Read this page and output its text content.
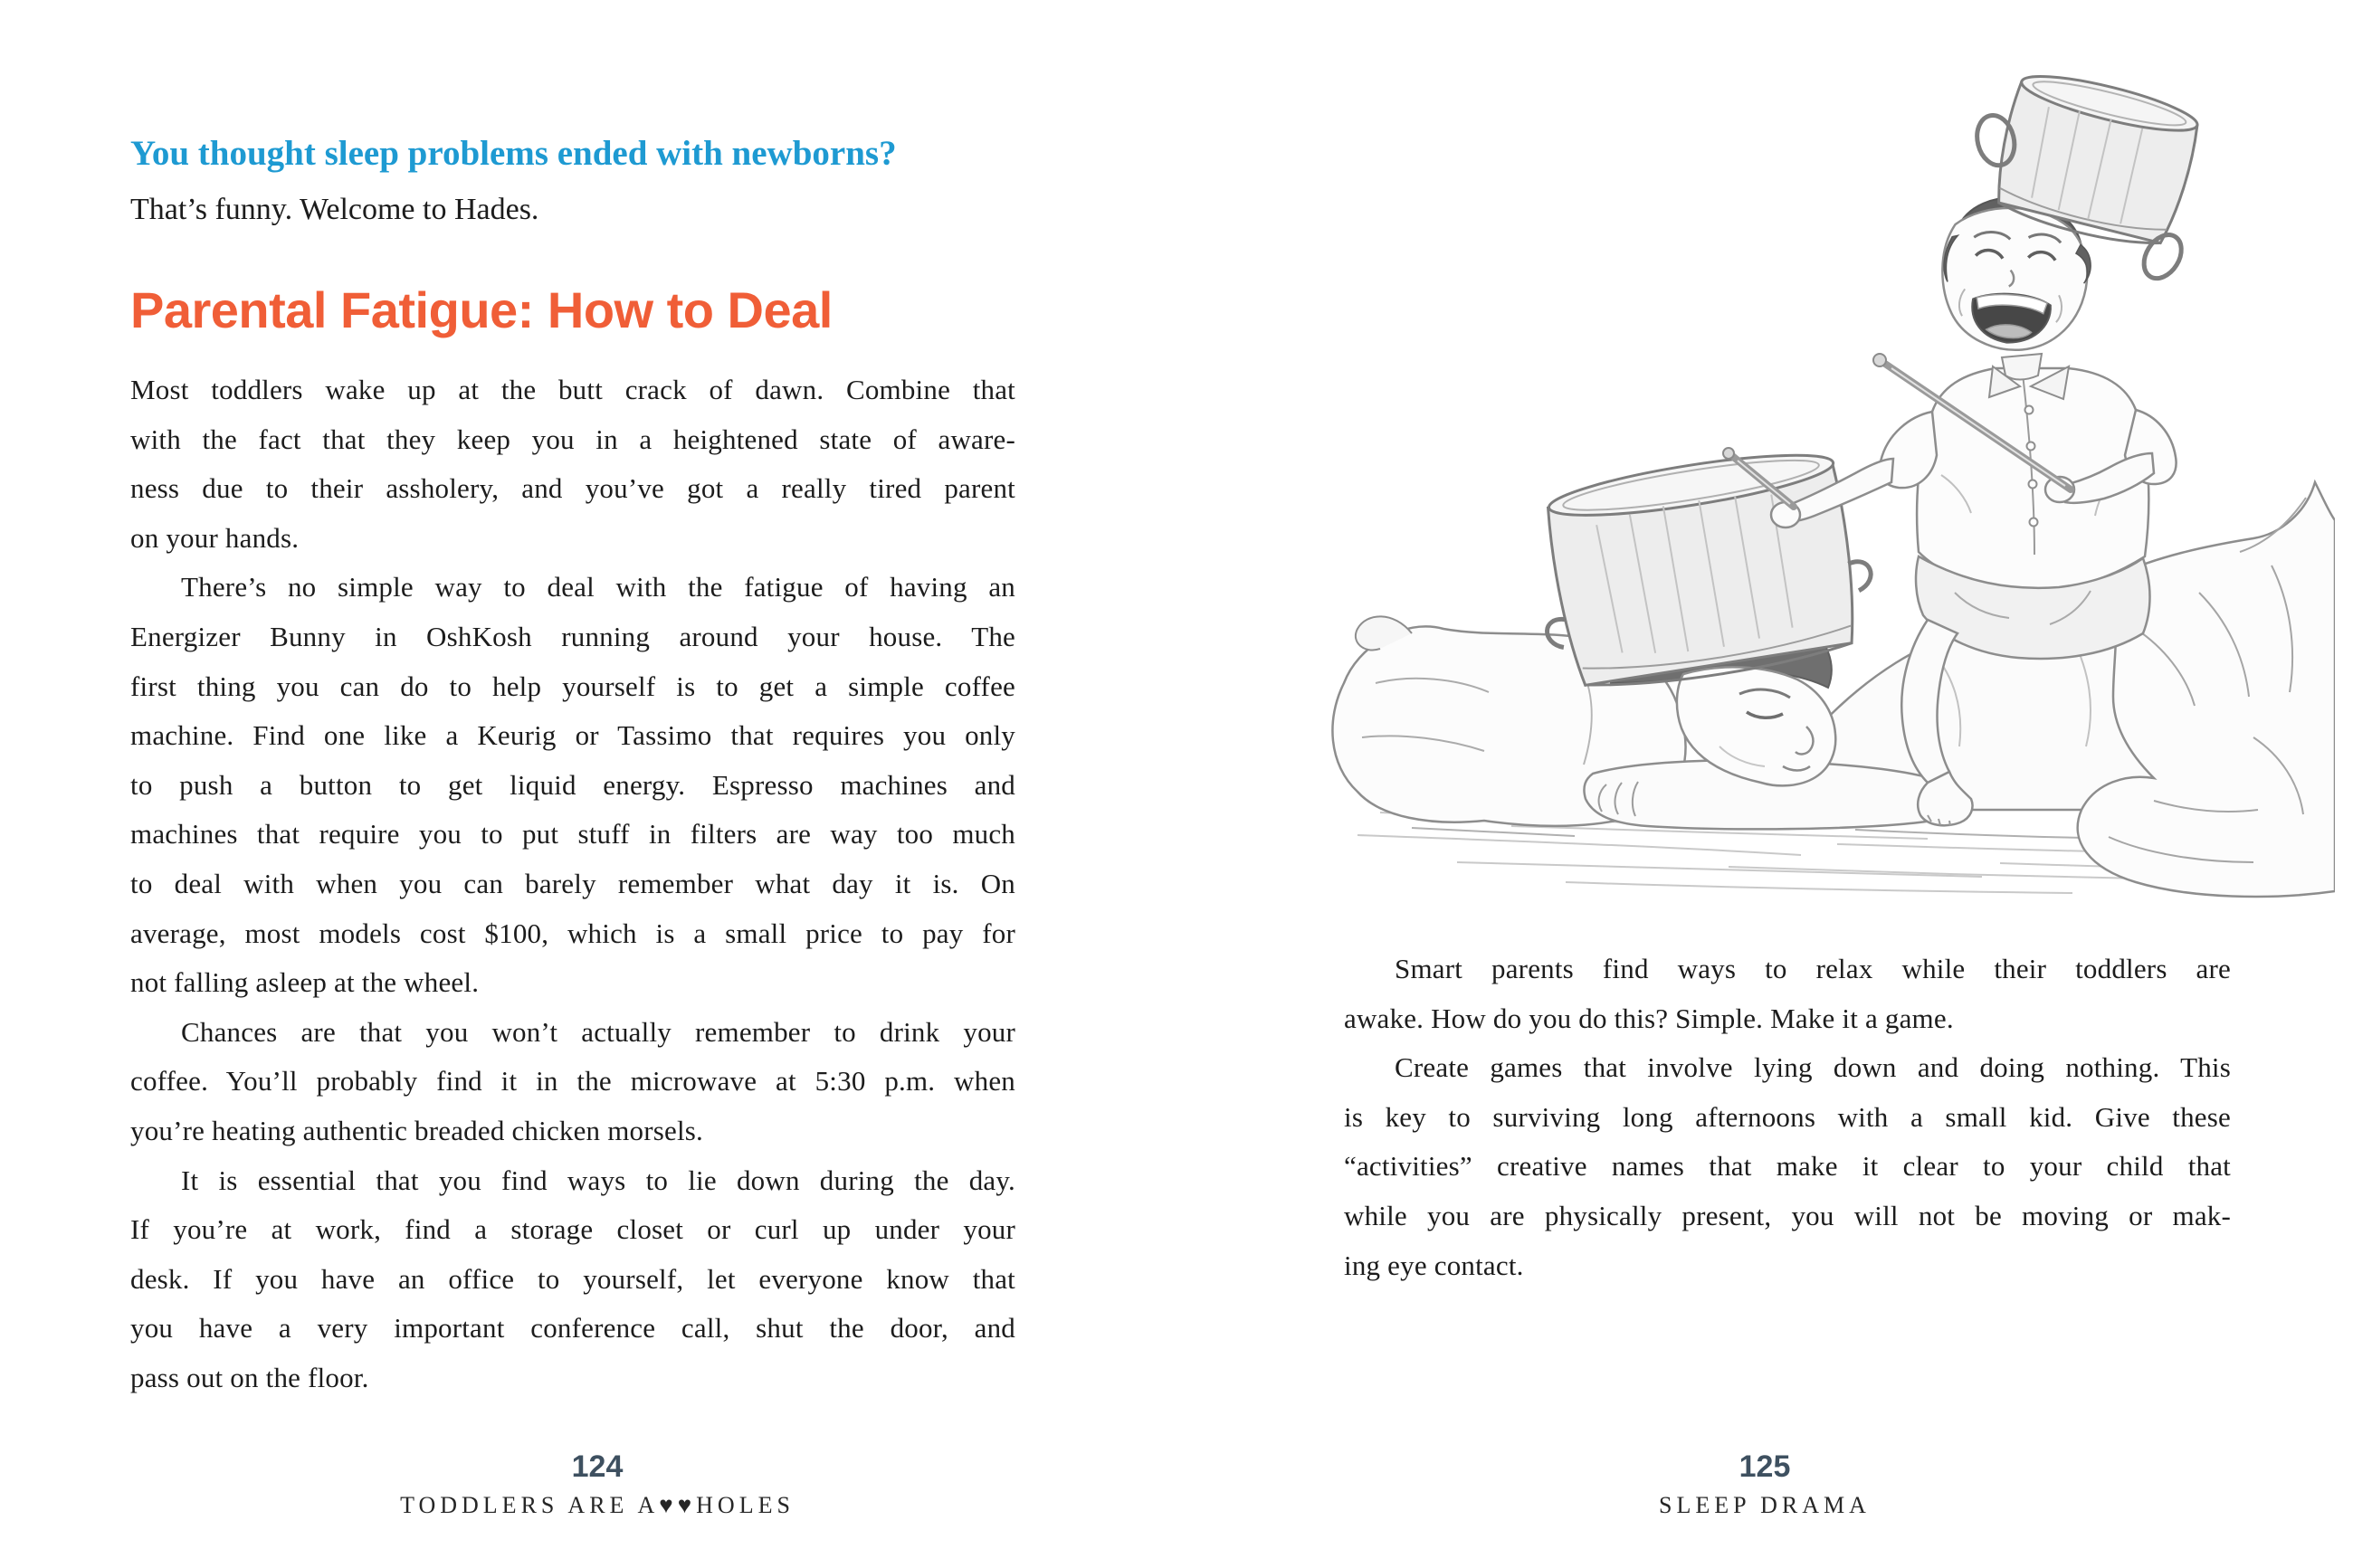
You thought sleep problems ended with newborns?

That’s funny. Welcome to Hades.

Parental Fatigue: How to Deal
Most toddlers wake up at the butt crack of dawn. Combine that
with the fact that they keep you in a heightened state of aware-
ness due to their assholery, and you’ve got a really tired parent
on your hands.
There’s no simple way to deal with the fatigue of having an
Energizer Bunny in OshKosh running around your house. The
first thing you can do to help yourself is to get a simple coffee
machine. Find one like a Keurig or Tassimo that requires you only
to push a button to get liquid energy. Espresso machines and
machines that require you to put stuff in filters are way too much
to deal with when you can barely remember what day it is. On
average, most models cost $100, which is a small price to pay for
not falling asleep at the wheel.
Chances are that you won’t actually remember to drink your
coffee. You’ll probably find it in the microwave at 5:30 p.m. when
you’re heating authentic breaded chicken morsels.
It is essential that you find ways to lie down during the day.
If you’re at work, find a storage closet or curl up under your
desk. If you have an office to yourself, let everyone know that
you have a very important conference call, shut the door, and
pass out on the floor.
124
TODDLERS ARE A♥♥HOLES
Smart parents find ways to relax while their toddlers are
awake. How do you do this? Simple. Make it a game.
Create games that involve lying down and doing nothing. This
is key to surviving long afternoons with a small kid. Give these
“activities” creative names that make it clear to your child that
while you are physically present, you will not be moving or mak-
ing eye contact.
125
SLEEP DRAMA
